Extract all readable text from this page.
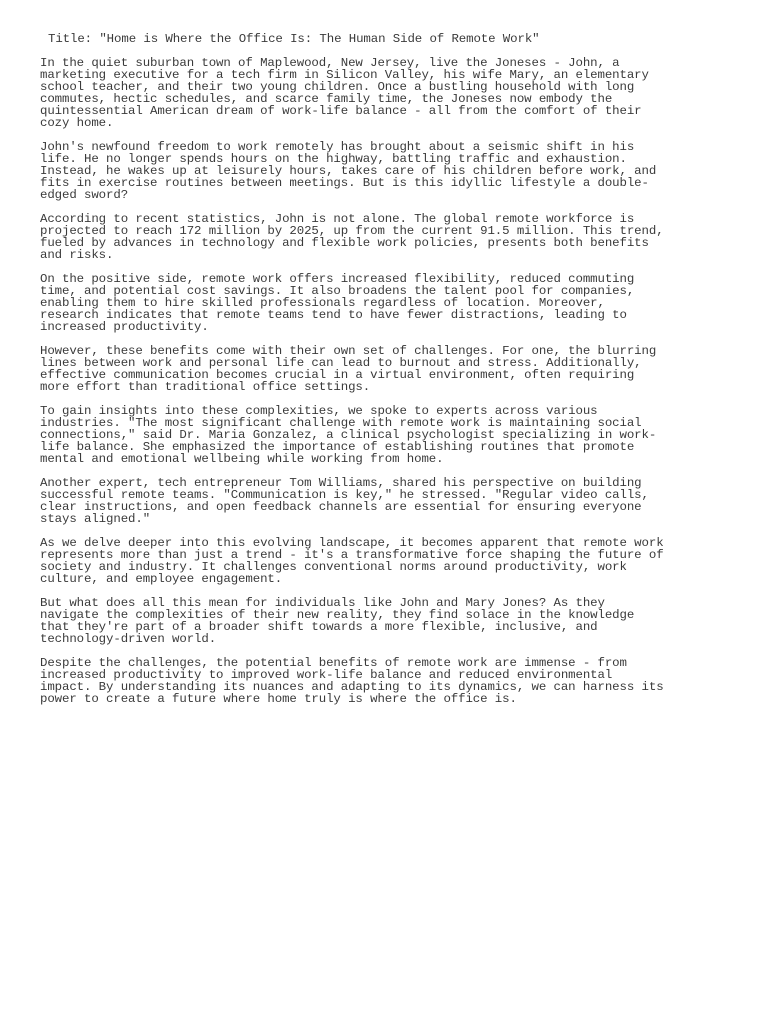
Title: "Home is Where the Office Is: The Human Side of Remote Work"
In the quiet suburban town of Maplewood, New Jersey, live the Joneses - John, a
marketing executive for a tech firm in Silicon Valley, his wife Mary, an elementary
school teacher, and their two young children. Once a bustling household with long
commutes, hectic schedules, and scarce family time, the Joneses now embody the
quintessential American dream of work-life balance - all from the comfort of their
cozy home.
John's newfound freedom to work remotely has brought about a seismic shift in his
life. He no longer spends hours on the highway, battling traffic and exhaustion.
Instead, he wakes up at leisurely hours, takes care of his children before work, and
fits in exercise routines between meetings. But is this idyllic lifestyle a double-
edged sword?
According to recent statistics, John is not alone. The global remote workforce is
projected to reach 172 million by 2025, up from the current 91.5 million. This trend,
fueled by advances in technology and flexible work policies, presents both benefits
and risks.
On the positive side, remote work offers increased flexibility, reduced commuting
time, and potential cost savings. It also broadens the talent pool for companies,
enabling them to hire skilled professionals regardless of location. Moreover,
research indicates that remote teams tend to have fewer distractions, leading to
increased productivity.
However, these benefits come with their own set of challenges. For one, the blurring
lines between work and personal life can lead to burnout and stress. Additionally,
effective communication becomes crucial in a virtual environment, often requiring
more effort than traditional office settings.
To gain insights into these complexities, we spoke to experts across various
industries. "The most significant challenge with remote work is maintaining social
connections," said Dr. Maria Gonzalez, a clinical psychologist specializing in work-
life balance. She emphasized the importance of establishing routines that promote
mental and emotional wellbeing while working from home.
Another expert, tech entrepreneur Tom Williams, shared his perspective on building
successful remote teams. "Communication is key," he stressed. "Regular video calls,
clear instructions, and open feedback channels are essential for ensuring everyone
stays aligned."
As we delve deeper into this evolving landscape, it becomes apparent that remote work
represents more than just a trend - it's a transformative force shaping the future of
society and industry. It challenges conventional norms around productivity, work
culture, and employee engagement.
But what does all this mean for individuals like John and Mary Jones? As they
navigate the complexities of their new reality, they find solace in the knowledge
that they're part of a broader shift towards a more flexible, inclusive, and
technology-driven world.
Despite the challenges, the potential benefits of remote work are immense - from
increased productivity to improved work-life balance and reduced environmental
impact. By understanding its nuances and adapting to its dynamics, we can harness its
power to create a future where home truly is where the office is.
